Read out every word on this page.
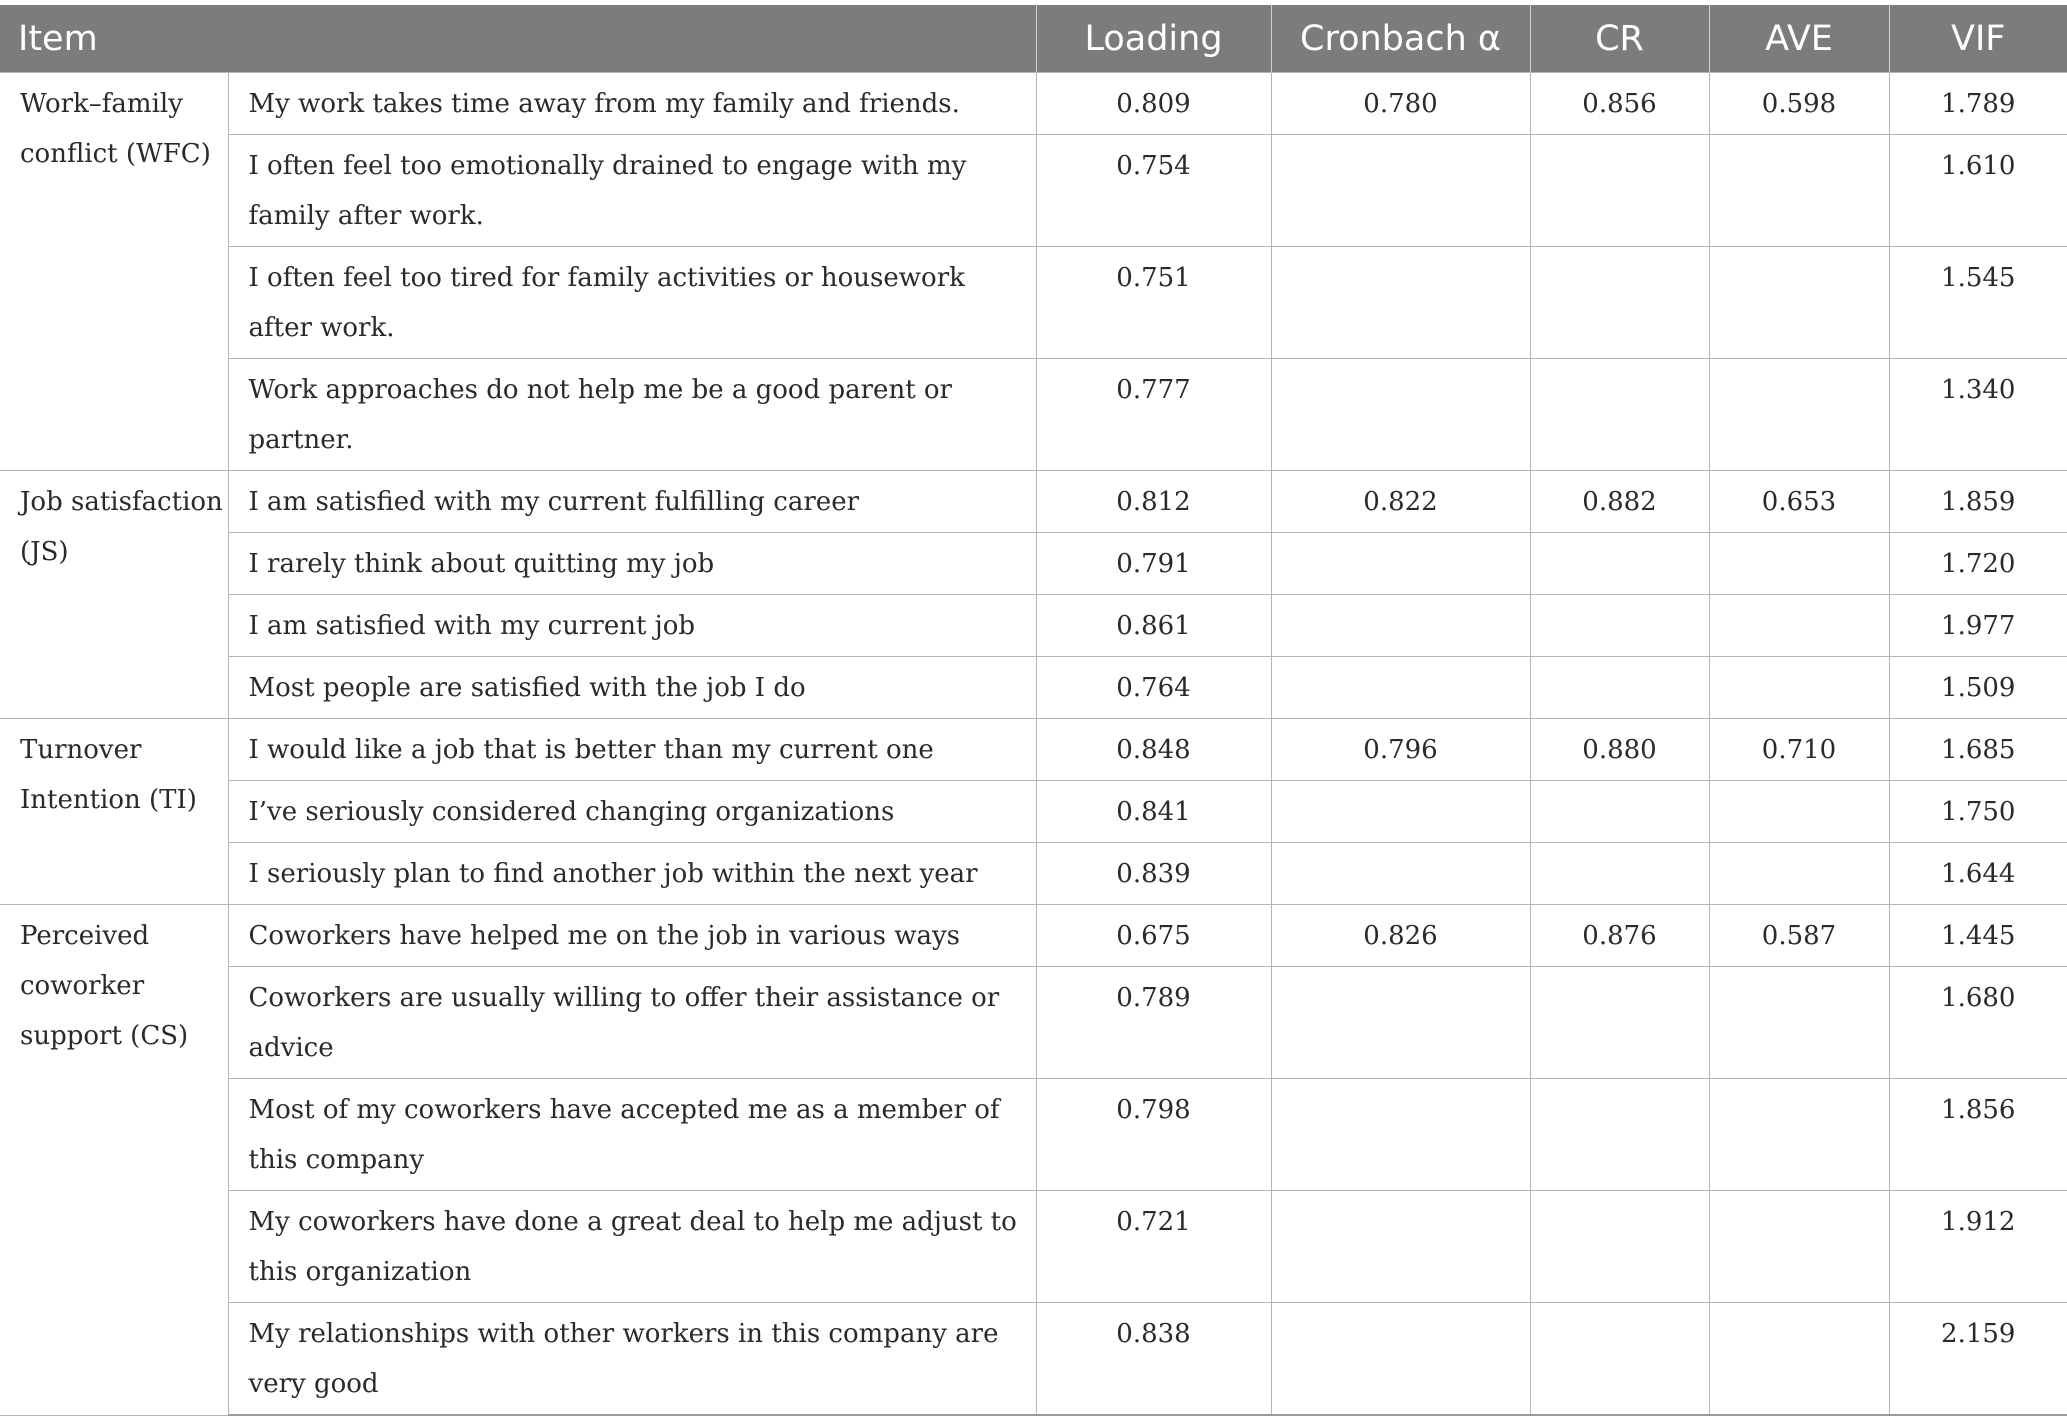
Item		Loading	Cronbach α	CR	AVE	VIF
Work–family conflict (WFC)	My work takes time away from my family and friends.	0.809	0.780	0.856	0.598	1.789
	I often feel too emotionally drained to engage with my family after work.	0.754				1.610
	I often feel too tired for family activities or housework after work.	0.751				1.545
	Work approaches do not help me be a good parent or partner.	0.777				1.340
Job satisfaction (JS)	I am satisfied with my current fulfilling career	0.812	0.822	0.882	0.653	1.859
	I rarely think about quitting my job	0.791				1.720
	I am satisfied with my current job	0.861				1.977
	Most people are satisfied with the job I do	0.764				1.509
Turnover Intention (TI)	I would like a job that is better than my current one	0.848	0.796	0.880	0.710	1.685
	I’ve seriously considered changing organizations	0.841				1.750
	I seriously plan to find another job within the next year	0.839				1.644
Perceived coworker support (CS)	Coworkers have helped me on the job in various ways	0.675	0.826	0.876	0.587	1.445
	Coworkers are usually willing to offer their assistance or advice	0.789				1.680
	Most of my coworkers have accepted me as a member of this company	0.798				1.856
	My coworkers have done a great deal to help me adjust to this organization	0.721				1.912
	My relationships with other workers in this company are very good	0.838				2.159
